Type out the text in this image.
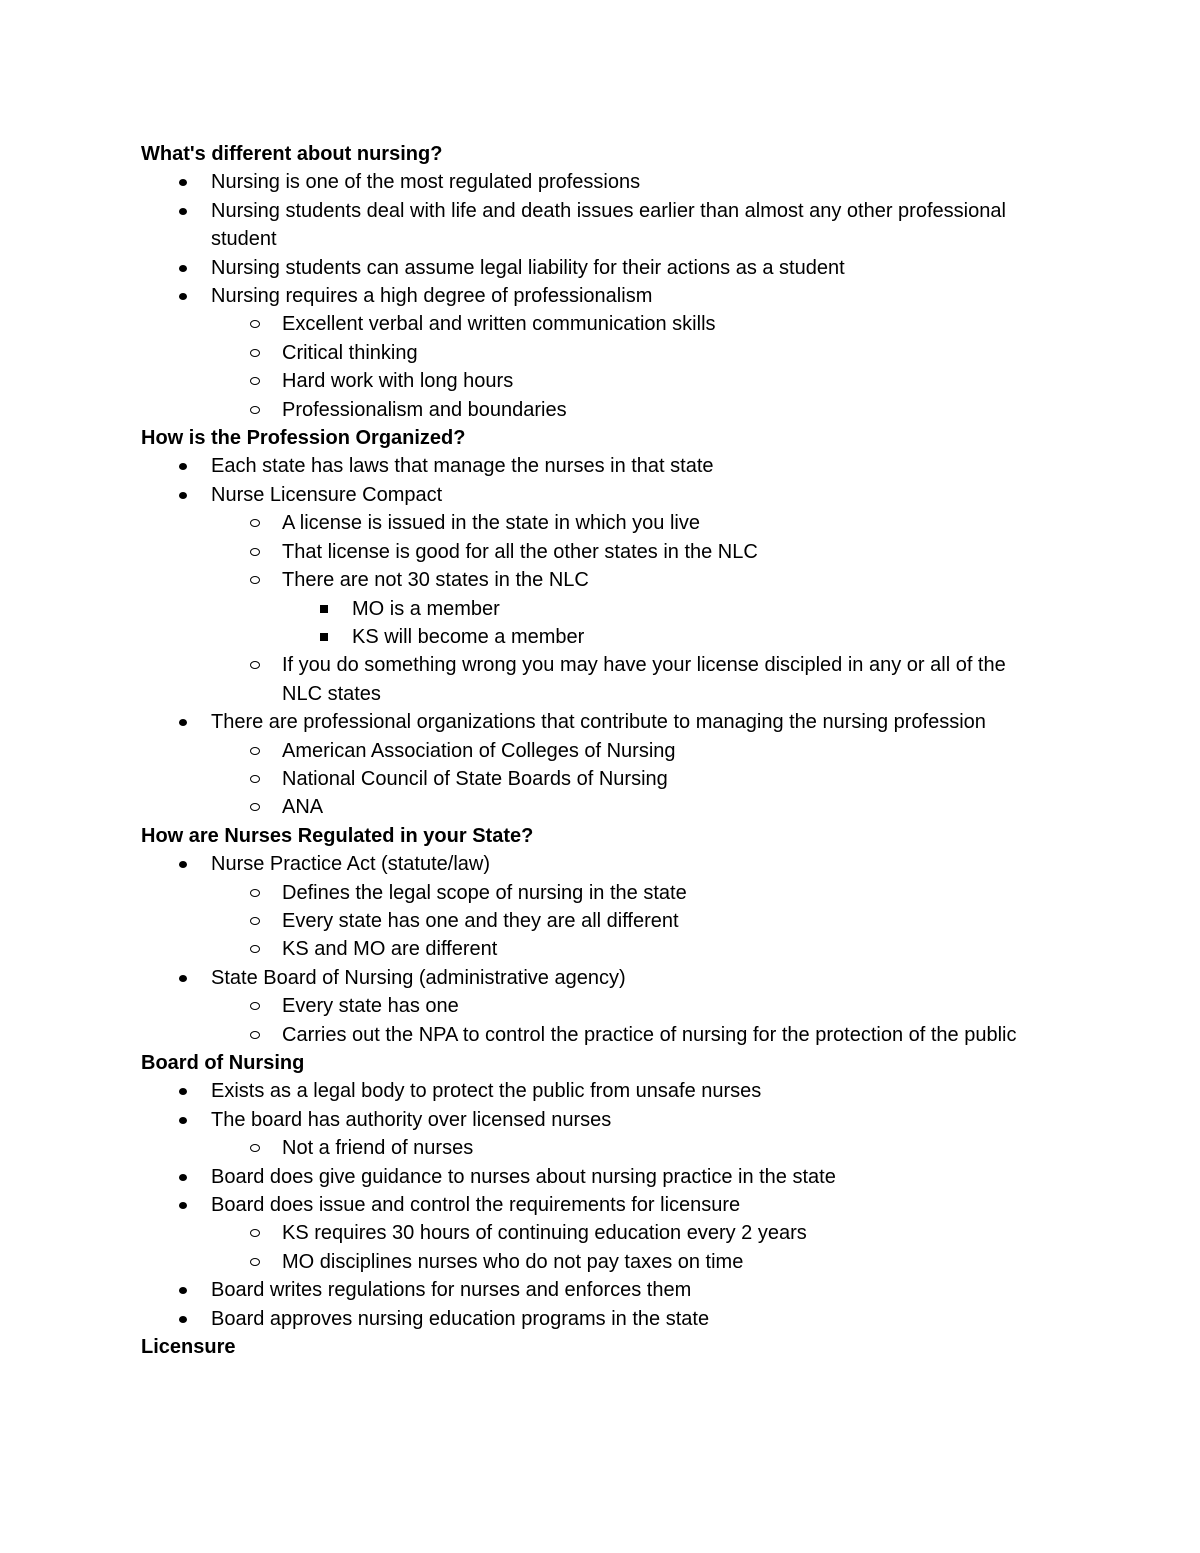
What's different about nursing?
Nursing is one of the most regulated professions
Nursing students deal with life and death issues earlier than almost any other professional student
Nursing students can assume legal liability for their actions as a student
Nursing requires a high degree of professionalism
Excellent verbal and written communication skills
Critical thinking
Hard work with long hours
Professionalism and boundaries
How is the Profession Organized?
Each state has laws that manage the nurses in that state
Nurse Licensure Compact
A license is issued in the state in which you live
That license is good for all the other states in the NLC
There are not 30 states in the NLC
MO is a member
KS will become a member
If you do something wrong you may have your license discipled in any or all of the NLC states
There are professional organizations that contribute to managing the nursing profession
American Association of Colleges of Nursing
National Council of State Boards of Nursing
ANA
How are Nurses Regulated in your State?
Nurse Practice Act (statute/law)
Defines the legal scope of nursing in the state
Every state has one and they are all different
KS and MO are different
State Board of Nursing (administrative agency)
Every state has one
Carries out the NPA to control the practice of nursing for the protection of the public
Board of Nursing
Exists as a legal body to protect the public from unsafe nurses
The board has authority over licensed nurses
Not a friend of nurses
Board does give guidance to nurses about nursing practice in the state
Board does issue and control the requirements for licensure
KS requires 30 hours of continuing education every 2 years
MO disciplines nurses who do not pay taxes on time
Board writes regulations for nurses and enforces them
Board approves nursing education programs in the state
Licensure
